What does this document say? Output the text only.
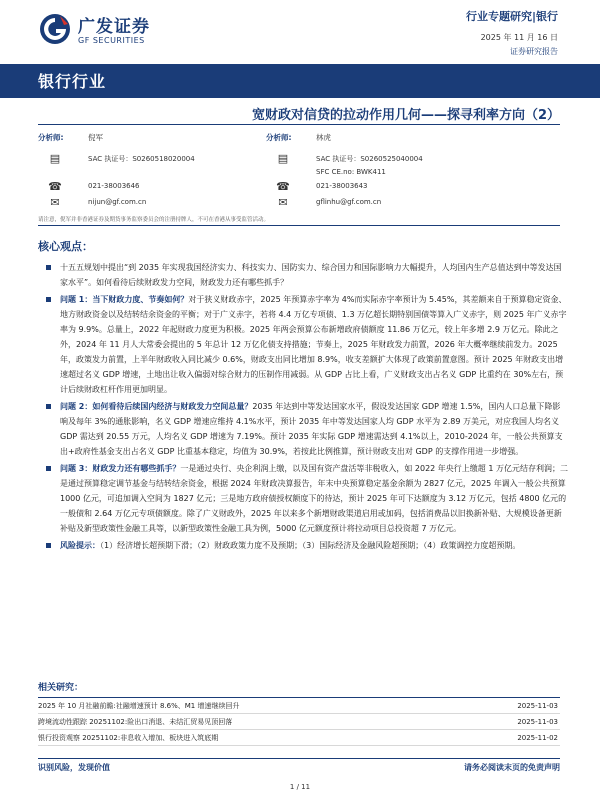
广发证券
GF SECURITIES
行业专题研究|银行
2025 年 11 月 16 日
证券研究报告
银行行业
宽财政对信贷的拉动作用几何——探寻利率方向（2）
分析师:	倪军
▤	SAC 执证号：S0260518020004
☎	021-38003646
✉	nijun@gf.com.cn
分析师:	林虎
▤	SAC 执证号：S0260525040004
SFC CE.no: BWK411
☎	021-38003643
✉	gflinhu@gf.com.cn
请注意，倪军并非香港证券及期货事务监察委员会的注册持牌人，不可在香港从事受监管活动。
核心观点：
十五五规划中提出“到 2035 年实现我国经济实力、科技实力、国防实力、综合国力和国际影响力大幅提升，人均国内生产总值达到中等发达国家水平”。如何看待后续财政发力空间，财政发力还有哪些抓手？
问题 1：当下财政力度、节奏如何？对于狭义财政赤字，2025 年预算赤字率为 4%而实际赤字率预计为 5.45%，其差额来自于预算稳定资金、地方财政资金以及结转结余资金的平衡；对于广义赤字，若将 4.4 万亿专项债、1.3 万亿超长期特别国债等算入广义赤字，则 2025 年广义赤字率为 9.9%。总量上，2022 年起财政力度更为积极。2025 年两会预算公布新增政府债额度 11.86 万亿元，较上年多增 2.9 万亿元。除此之外，2024 年 11 月人大常委会提出的 5 年总计 12 万亿化债支持措施；节奏上，2025 年财政发力前置，2026 年大概率继续前发力。2025 年，政策发力前置，上半年财政收入同比减少 0.6%，财政支出同比增加 8.9%，收支差额扩大体现了政策前置意图。预计 2025 年财政支出增速超过名义 GDP 增速，土地出让收入偏弱对综合财力的压制作用减弱。从 GDP 占比上看，广义财政支出占名义 GDP 比重约在 30%左右，预计后续财政杠杆作用更加明显。
问题 2：如何看待后续国内经济与财政发力空间总量？2035 年达到中等发达国家水平，假设发达国家 GDP 增速 1.5%，国内人口总量下降影响及每年 3%的通胀影响，名义 GDP 增速应维持 4.1%水平，预计 2035 年中等发达国家人均 GDP 水平为 2.89 万美元，对应我国人均名义 GDP 需达到 20.55 万元，人均名义 GDP 增速为 7.19%。预计 2035 年实际 GDP 增速需达到 4.1%以上，2010-2024 年，一般公共预算支出+政府性基金支出占名义 GDP 比重基本稳定，均值为 30.9%，若按此比例推算，预计财政支出对 GDP 的支撑作用进一步增强。
问题 3：财政发力还有哪些抓手？一是通过央行、央企利润上缴，以及国有资产盘活等非税收入，如 2022 年央行上缴超 1 万亿元结存利润；二是通过预算稳定调节基金与结转结余资金，根据 2024 年财政决算报告，年末中央预算稳定基金余额为 2827 亿元，2025 年调入一般公共预算 1000 亿元，可追加调入空间为 1827 亿元；三是地方政府债授权额度下的待达，预计 2025 年可下达额度为 3.12 万亿元，包括 4800 亿元的一般债和 2.64 万亿元专项债额度。除了广义财政外，2025 年以来多个新增财政渠道启用或加码，包括消费品以旧换新补贴、大规模设备更新补贴及新型政策性金融工具等，以新型政策性金融工具为例，5000 亿元额度预计将拉动项目总投资超 7 万亿元。
风险提示：（1）经济增长超预期下滑；（2）财政政策力度不及预期；（3）国际经济及金融风险超预期；（4）政策调控力度超预期。
相关研究：
2025 年 10 月社融前瞻:社融增速预计 8.6%、M1 增速继续回升	2025-11-03
跨境流动性跟踪 20251102:险出口消退、未结汇贸易见顶回落	2025-11-03
银行投资观察 20251102:非息收入增加、板块进入筑底期	2025-11-02
识别风险，发现价值	请务必阅读末页的免责声明
1 / 11
